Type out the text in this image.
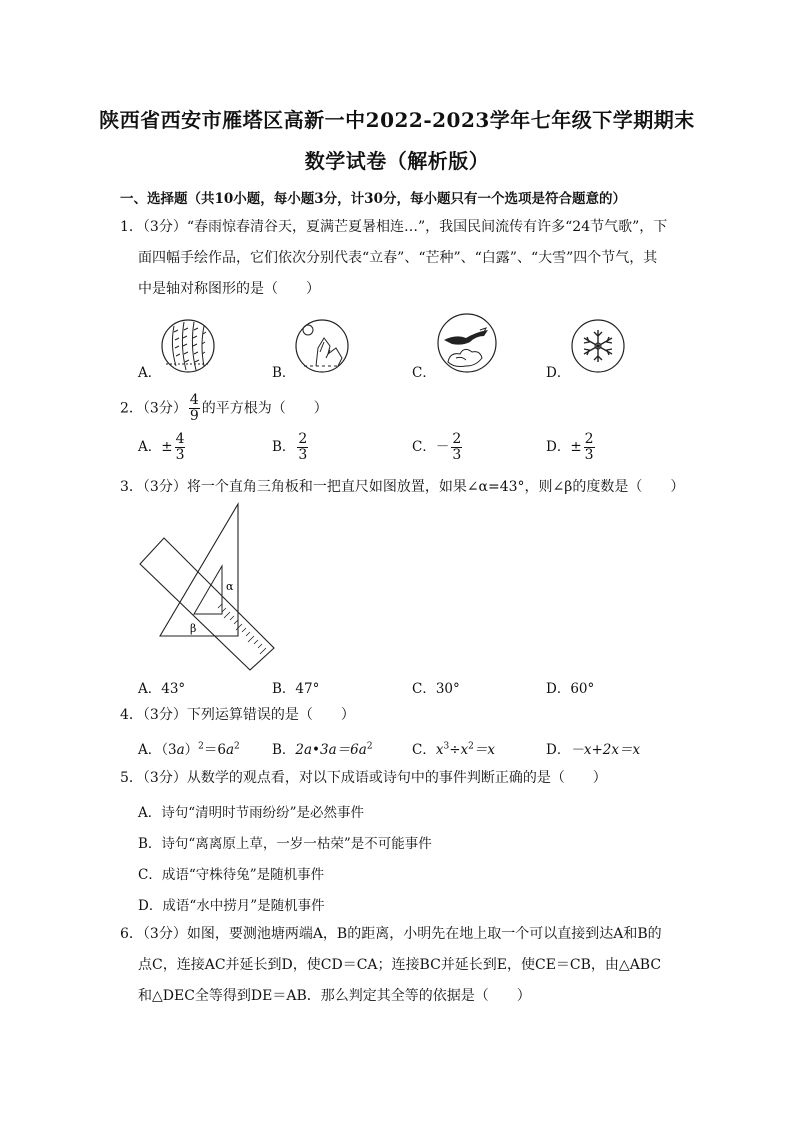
陕西省西安市雁塔区高新一中2022-2023学年七年级下学期期末
数学试卷（解析版）
一、选择题（共10小题，每小题3分，计30分，每小题只有一个选项是符合题意的）
1．（3分）“春雨惊春清谷天，夏满芒夏暑相连…”，我国民间流传有许多“24节气歌”，下
面四幅手绘作品，它们依次分别代表“立春”、“芒种”、“白露”、“大雪”四个节气，其
中是轴对称图形的是（　　）
A．	B．	C．	D．
2．（3分） $\frac{4}{9}$ 的平方根为（　　）
A．± $\frac{4}{3}$	B． $\frac{2}{3}$	C．－ $\frac{2}{3}$	D．± $\frac{2}{3}$
3．（3分）将一个直角三角板和一把直尺如图放置，如果∠α=43°，则∠β的度数是（　　）
α
β
A．43°	B．47°	C．30°	D．60°
4．（3分）下列运算错误的是（　　）
A．$(3a)^2=6a^2$ B．$2a•3a=6a^2$	C．$x^3\div x^2=x$	D．－x+2x＝x
5．（3分）从数学的观点看，对以下成语或诗句中的事件判断正确的是（　　）
A．诗句“清明时节雨纷纷”是必然事件
B．诗句“离离原上草，一岁一枯荣”是不可能事件
C．成语“守株待兔”是随机事件
D．成语“水中捞月”是随机事件
6．（3分）如图，要测池塘两端A，B的距离，小明先在地上取一个可以直接到达A和B的
点C，连接AC并延长到D，使CD＝CA；连接BC并延长到E，使CE＝CB，由△ABC
和△DEC全等得到DE＝AB．那么判定其全等的依据是（　　）
